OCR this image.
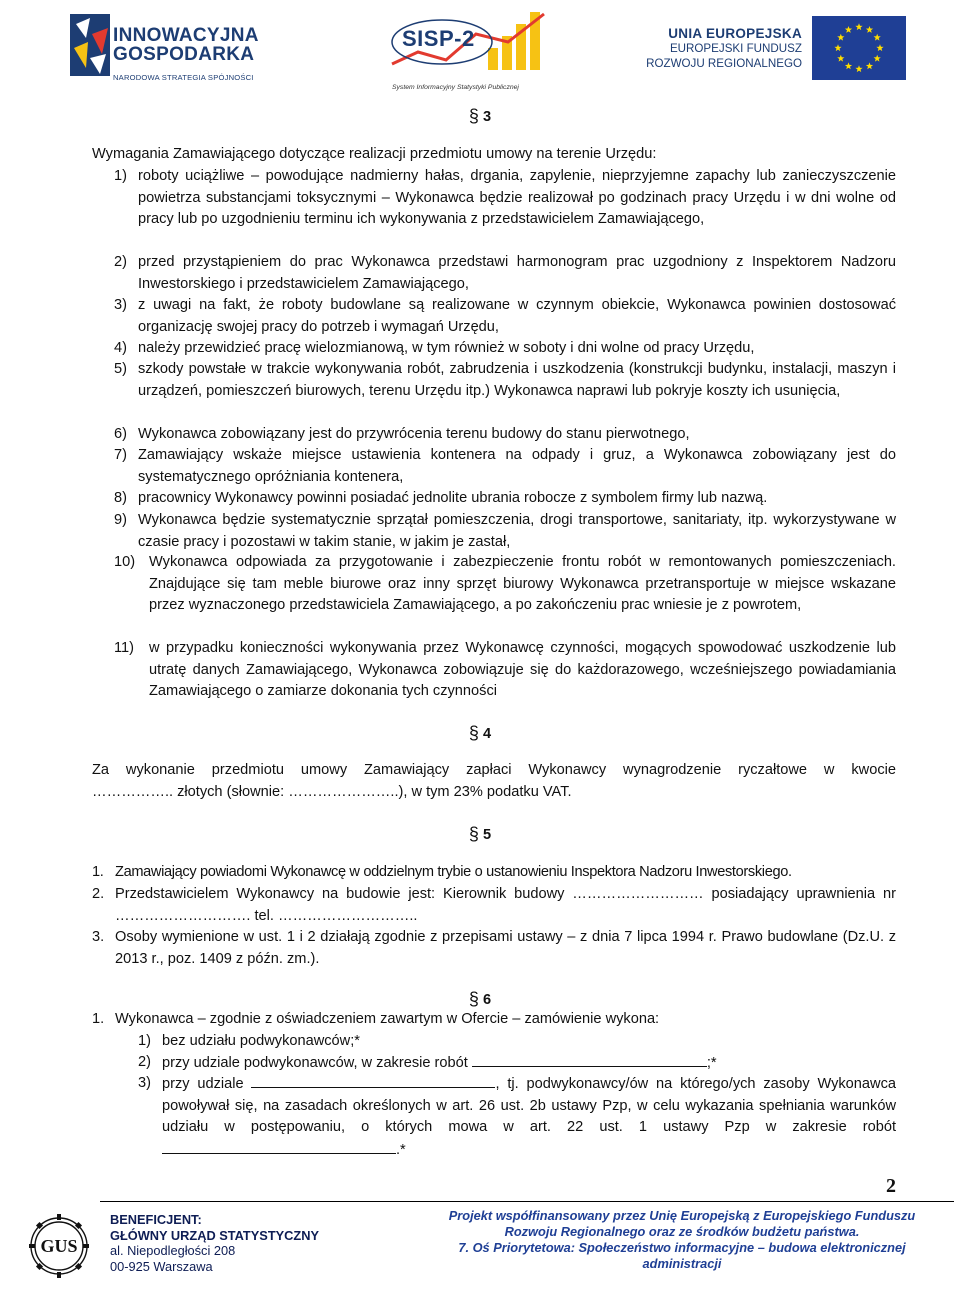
INNOWACYJNA
GOSPODARKA
NARODOWA STRATEGIA SPÓJNOŚCI
SISP-2
System Informacyjny Statystyki Publicznej
UNIA EUROPEJSKA
EUROPEJSKI FUNDUSZ
ROZWOJU REGIONALNEGO
§ 3
Wymagania Zamawiającego dotyczące realizacji przedmiotu umowy na terenie Urzędu:
1) roboty uciążliwe – powodujące nadmierny hałas, drgania, zapylenie, nieprzyjemne zapachy lub zanieczyszczenie powietrza substancjami toksycznymi – Wykonawca będzie realizował po godzinach pracy Urzędu i w dni wolne od pracy lub po uzgodnieniu terminu ich wykonywania z przedstawicielem Zamawiającego,
2) przed przystąpieniem do prac Wykonawca przedstawi harmonogram prac uzgodniony z Inspektorem Nadzoru Inwestorskiego i przedstawicielem Zamawiającego,
3) z uwagi na fakt, że roboty budowlane są realizowane w czynnym obiekcie, Wykonawca powinien dostosować organizację swojej pracy do potrzeb i wymagań Urzędu,
4) należy przewidzieć pracę wielozmianową, w tym również w soboty i dni wolne od pracy Urzędu,
5) szkody powstałe w trakcie wykonywania robót, zabrudzenia i uszkodzenia (konstrukcji budynku, instalacji, maszyn i urządzeń, pomieszczeń biurowych, terenu Urzędu itp.) Wykonawca naprawi lub pokryje koszty ich usunięcia,
6) Wykonawca zobowiązany jest do przywrócenia terenu budowy do stanu pierwotnego,
7) Zamawiający wskaże miejsce ustawienia kontenera na odpady i gruz, a Wykonawca zobowiązany jest do systematycznego opróżniania kontenera,
8) pracownicy Wykonawcy powinni posiadać jednolite ubrania robocze z symbolem firmy lub nazwą.
9) Wykonawca będzie systematycznie sprzątał pomieszczenia, drogi transportowe, sanitariaty, itp. wykorzystywane w czasie pracy i pozostawi w takim stanie, w jakim je zastał,
10) Wykonawca odpowiada za przygotowanie i zabezpieczenie frontu robót w remontowanych pomieszczeniach. Znajdujące się tam meble biurowe oraz inny sprzęt biurowy Wykonawca przetransportuje w miejsce wskazane przez wyznaczonego przedstawiciela Zamawiającego, a po zakończeniu prac wniesie je z powrotem,
11) w przypadku konieczności wykonywania przez Wykonawcę czynności, mogących spowodować uszkodzenie lub utratę danych Zamawiającego, Wykonawca zobowiązuje się do każdorazowego, wcześniejszego powiadamiania Zamawiającego o zamiarze dokonania tych czynności
§ 4
Za wykonanie przedmiotu umowy Zamawiający zapłaci Wykonawcy wynagrodzenie ryczałtowe w kwocie
…………….. złotych (słownie: …………………..), w tym 23% podatku VAT.
§ 5
1. Zamawiający powiadomi Wykonawcę w oddzielnym trybie o ustanowieniu Inspektora Nadzoru Inwestorskiego.
2. Przedstawicielem Wykonawcy na budowie jest: Kierownik budowy ……………………… posiadający uprawnienia nr ………………………. tel. ………………………..
3. Osoby wymienione w ust. 1 i 2 działają zgodnie z przepisami ustawy – z dnia 7 lipca 1994 r. Prawo budowlane (Dz.U. z 2013 r., poz. 1409 z późn. zm.).
§ 6
1. Wykonawca – zgodnie z oświadczeniem zawartym w Ofercie – zamówienie wykona:
1) bez udziału podwykonawców;*
2) przy udziale podwykonawców, w zakresie robót	;*
3) przy udziale	, tj. podwykonawcy/ów na którego/ych zasoby Wykonawca powoływał się, na zasadach określonych w art. 26 ust. 2b ustawy Pzp, w celu wykazania spełniania warunków udziału w postępowaniu, o których mowa w art. 22 ust. 1 ustawy Pzp w zakresie robót .*
2
GUS
BENEFICJENT:
GŁÓWNY URZĄD STATYSTYCZNY
al. Niepodległości 208
00-925 Warszawa
Projekt współfinansowany przez Unię Europejską z Europejskiego Funduszu
Rozwoju Regionalnego oraz ze środków budżetu państwa.
7. Oś Priorytetowa: Społeczeństwo informacyjne – budowa elektronicznej
administracji
